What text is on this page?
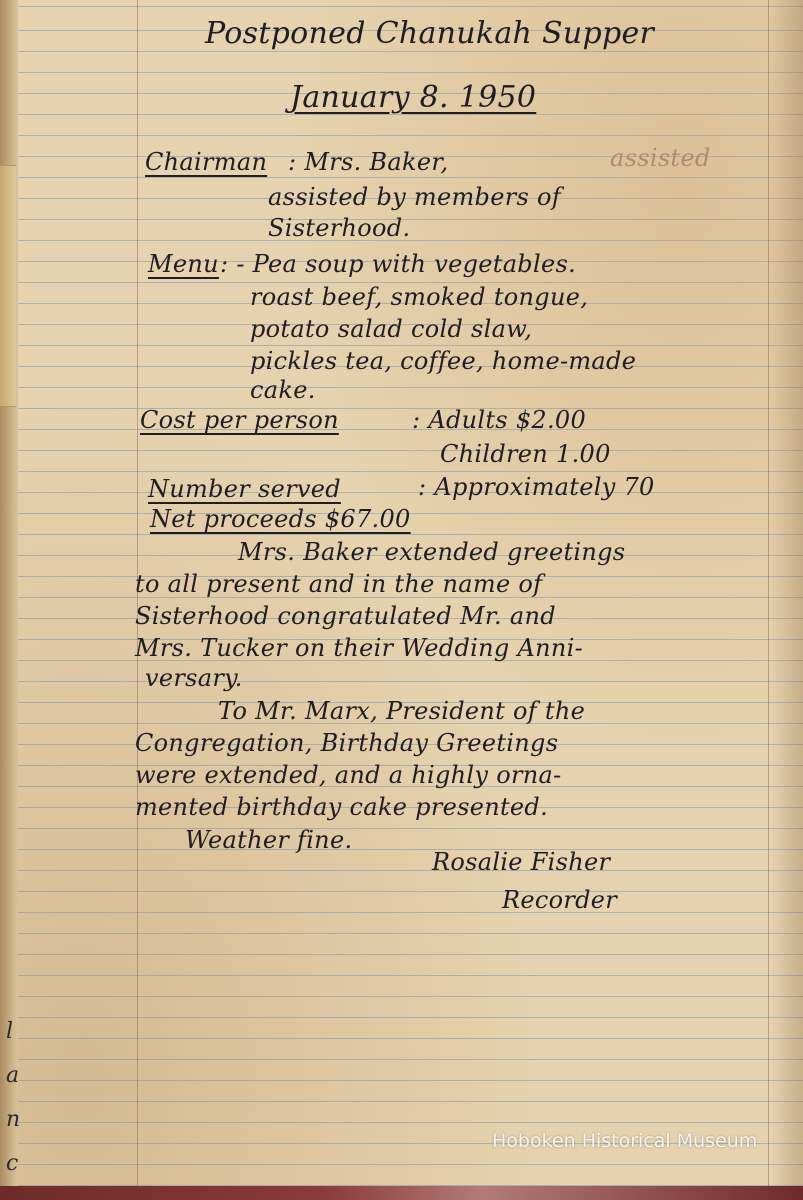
l
a
n
c
Postponed Chanukah Supper
January 8. 1950
Chairman : Mrs. Baker,	assisted
assisted by members of
Sisterhood.
Menu : - Pea soup with vegetables.
roast beef, smoked tongue,
potato salad cold slaw,
pickles tea, coffee, home-made
cake.
Cost per person	: Adults $2.00
Children 1.00
Number served	: Approximately 70
Net proceeds $67.00
Mrs. Baker extended greetings
to all present and in the name of
Sisterhood congratulated Mr. and
Mrs. Tucker on their Wedding Anni-
versary.
To Mr. Marx, President of the
Congregation, Birthday Greetings
were extended, and a highly orna-
mented birthday cake presented.
Weather fine.
Rosalie Fisher
Recorder
Hoboken Historical Museum
